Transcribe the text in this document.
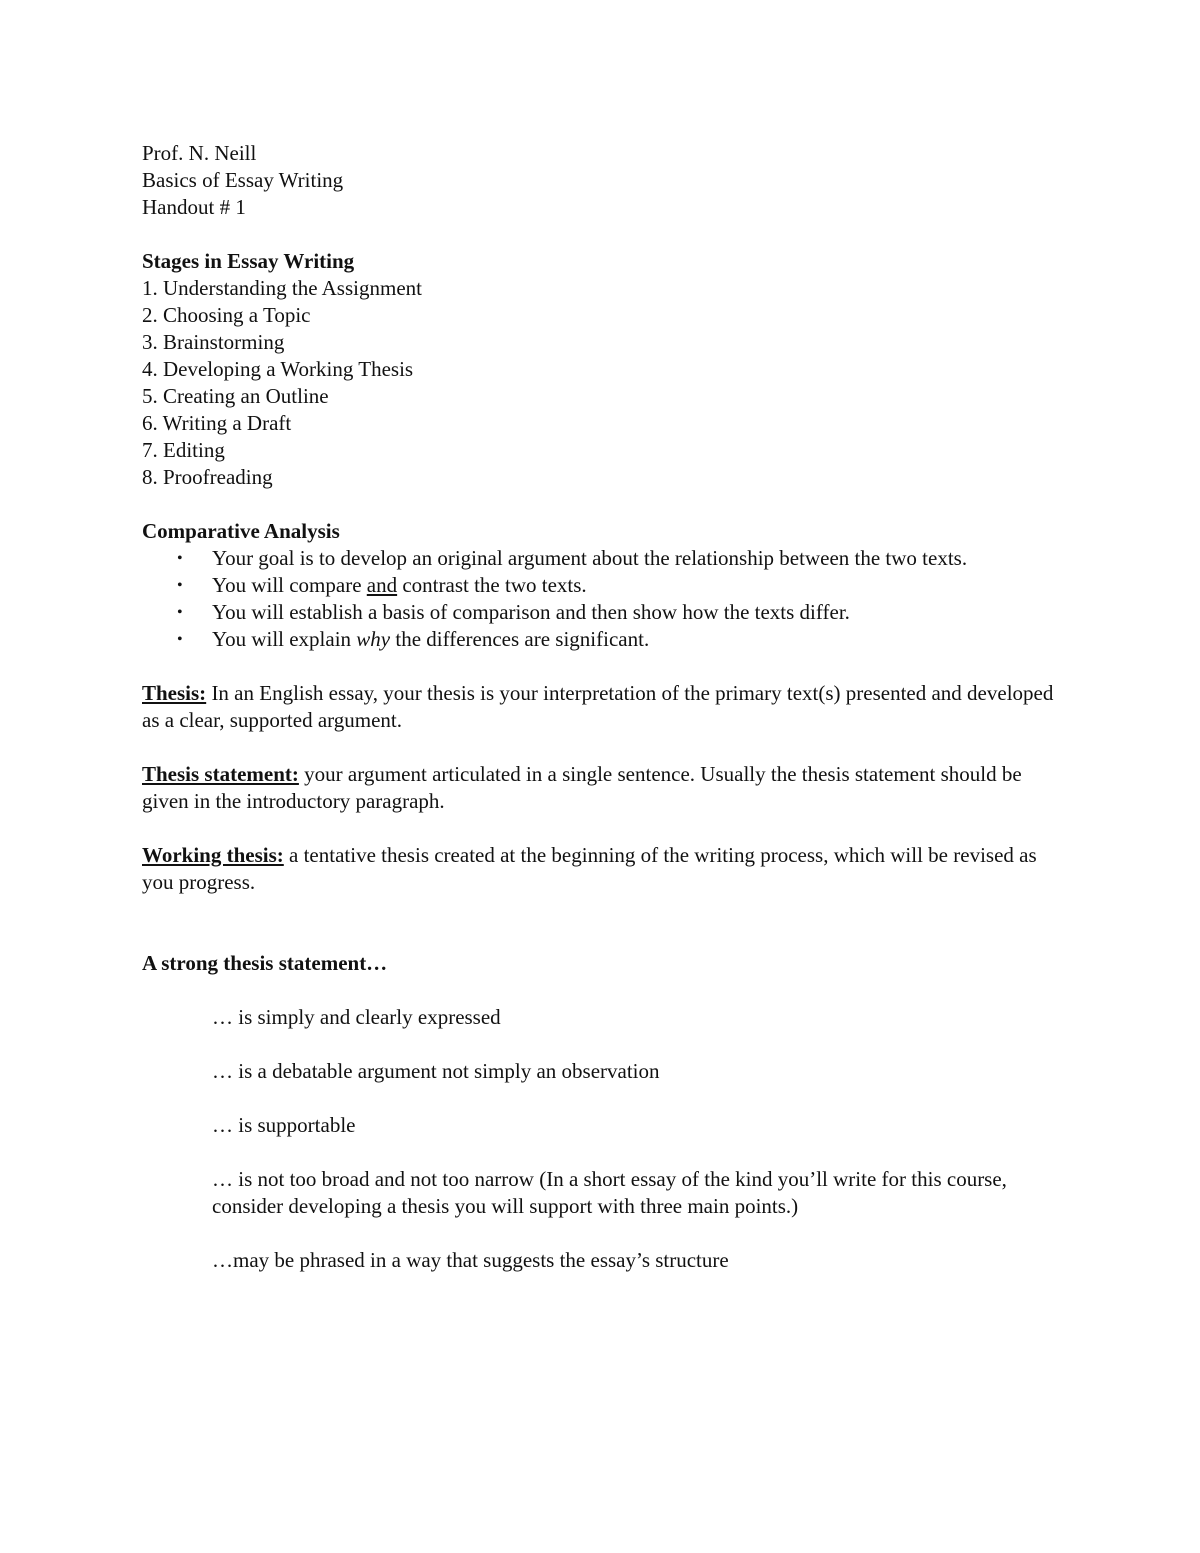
Prof. N. Neill
Basics of Essay Writing
Handout # 1
Stages in Essay Writing
1. Understanding the Assignment
2. Choosing a Topic
3. Brainstorming
4. Developing a Working Thesis
5. Creating an Outline
6. Writing a Draft
7. Editing
8. Proofreading
Comparative Analysis
• Your goal is to develop an original argument about the relationship between the two texts.
• You will compare and contrast the two texts.
• You will establish a basis of comparison and then show how the texts differ.
• You will explain why the differences are significant.

Thesis: In an English essay, your thesis is your interpretation of the primary text(s) presented and developed as a clear, supported argument.

Thesis statement: your argument articulated in a single sentence. Usually the thesis statement should be given in the introductory paragraph.

Working thesis: a tentative thesis created at the beginning of the writing process, which will be revised as you progress.

A strong thesis statement…
… is simply and clearly expressed
… is a debatable argument not simply an observation
… is supportable
… is not too broad and not too narrow (In a short essay of the kind you’ll write for this course, consider developing a thesis you will support with three main points.)
…may be phrased in a way that suggests the essay’s structure
